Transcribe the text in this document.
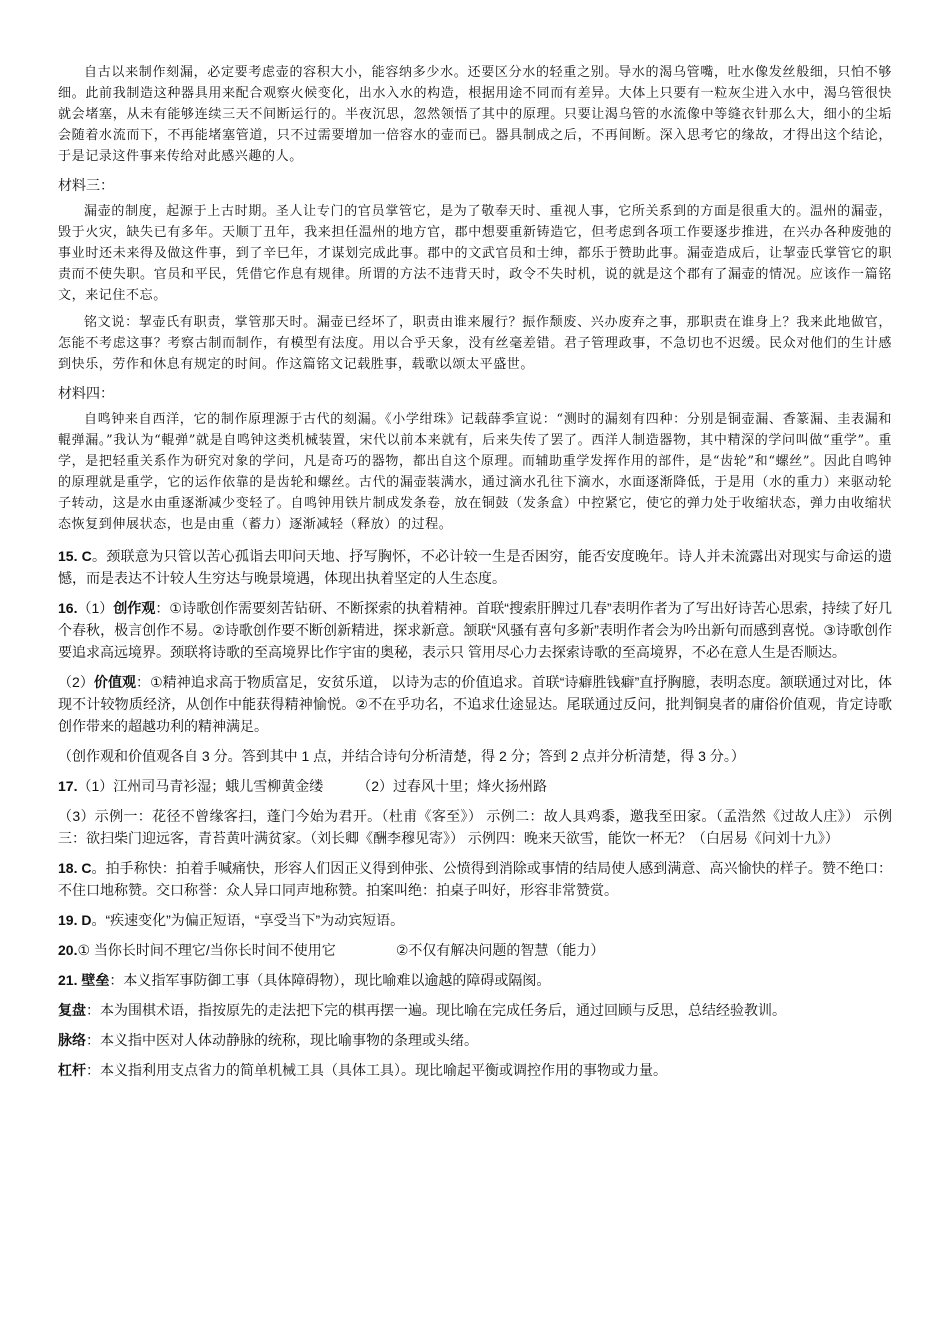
自古以来制作刻漏，必定要考虑壶的容积大小，能容纳多少水。还要区分水的轻重之别。导水的渴乌管嘴，吐水像发丝般细，只怕不够细。此前我制造这种器具用来配合观察火候变化，出水入水的构造，根据用途不同而有差异。大体上只要有一粒灰尘进入水中，渴乌管很快就会堵塞，从未有能够连续三天不间断运行的。半夜沉思，忽然领悟了其中的原理。只要让渴乌管的水流像中等缝衣针那么大，细小的尘垢会随着水流而下，不再能堵塞管道，只不过需要增加一倍容水的壶而已。器具制成之后，不再间断。深入思考它的缘故，才得出这个结论，于是记录这件事来传给对此感兴趣的人。

材料三：

漏壶的制度，起源于上古时期。圣人让专门的官员掌管它，是为了敬奉天时、重视人事，它所关系到的方面是很重大的。温州的漏壶，毁于火灾，缺失已有多年。天顺丁丑年，我来担任温州的地方官，郡中想要重新铸造它，但考虑到各项工作要逐步推进，在兴办各种废弛的事业时还未来得及做这件事，到了辛巳年，才谋划完成此事。郡中的文武官员和士绅，都乐于赞助此事。漏壶造成后，让挈壶氏掌管它的职责而不使失职。官员和平民，凭借它作息有规律。所谓的方法不违背天时，政令不失时机，说的就是这个郡有了漏壶的情况。应该作一篇铭文，来记住不忘。

铭文说：挈壶氏有职责，掌管那天时。漏壶已经坏了，职责由谁来履行？振作颓废、兴办废弃之事，那职责在谁身上？我来此地做官，怎能不考虑这事？考察古制而制作，有模型有法度。用以合乎天象，没有丝毫差错。君子管理政事，不急切也不迟缓。民众对他们的生计感到快乐，劳作和休息有规定的时间。作这篇铭文记载胜事，载歌以颂太平盛世。

材料四：

自鸣钟来自西洋，它的制作原理源于古代的刻漏。《小学绀珠》记载薛季宣说：“测时的漏刻有四种：分别是铜壶漏、香篆漏、圭表漏和輥弹漏。”我认为“輥弹”就是自鸣钟这类机械装置，宋代以前本来就有，后来失传了罢了。西洋人制造器物，其中精深的学问叫做“重学”。重学，是把轻重关系作为研究对象的学问，凡是奇巧的器物，都出自这个原理。而辅助重学发挥作用的部件，是“齿轮”和“螺丝”。因此自鸣钟的原理就是重学，它的运作依靠的是齿轮和螺丝。古代的漏壶装满水，通过滴水孔往下滴水，水面逐渐降低，于是用（水的重力）来驱动轮子转动，这是水由重逐渐减少变轻了。自鸣钟用铁片制成发条卷，放在铜鼓（发条盒）中控紧它，使它的弹力处于收缩状态，弹力由收缩状态恢复到伸展状态，也是由重（蓄力）逐渐减轻（释放）的过程。

15. C。颈联意为只管以苦心孤诣去叩问天地、抒写胸怀，不必计较一生是否困穷，能否安度晚年。诗人并未流露出对现实与命运的遗憾，而是表达不计较人生穷达与晚景境遇，体现出执着坚定的人生态度。

16.（1）创作观：①诗歌创作需要刻苦钻研、不断探索的执着精神。首联“搜索肝脾过几春”表明作者为了写出好诗苦心思索，持续了好几个春秋，极言创作不易。②诗歌创作要不断创新精进，探求新意。颔联“风骚有喜句多新”表明作者会为吟出新句而感到喜悦。③诗歌创作要追求高远境界。颈联将诗歌的至高境界比作宇宙的奥秘，表示只 管用尽心力去探索诗歌的至高境界，不必在意人生是否顺达。

（2）价值观：①精神追求高于物质富足，安贫乐道， 以诗为志的价值追求。首联“诗癖胜钱癖”直抒胸臆，表明态度。颔联通过对比，体现不计较物质经济，从创作中能获得精神愉悦。②不在乎功名，不追求仕途显达。尾联通过反问，批判铜臭者的庸俗价值观，肯定诗歌创作带来的超越功利的精神满足。

（创作观和价值观各自 3 分。答到其中 1 点，并结合诗句分析清楚，得 2 分；答到 2 点并分析清楚，得 3 分。）

17.（1）江州司马青衫湿；蛾儿雪柳黄金缕 （2）过春风十里；烽火扬州路

（3）示例一：花径不曾缘客扫，蓬门今始为君开。（杜甫《客至》） 示例二：故人具鸡黍，邀我至田家。（孟浩然《过故人庄》） 示例三：欲扫柴门迎远客，青苔黄叶满贫家。（刘长卿《酬李穆见寄》） 示例四：晚来天欲雪，能饮一杯无？（白居易《问刘十九》）

18. C。拍手称快：拍着手喊痛快，形容人们因正义得到伸张、公愤得到消除或事情的结局使人感到满意、高兴愉快的样子。赞不绝口：不住口地称赞。交口称誉：众人异口同声地称赞。拍案叫绝：拍桌子叫好，形容非常赞赏。

19. D。“疾速变化”为偏正短语，“享受当下”为动宾短语。

20.① 当你长时间不理它/当你长时间不使用它	②不仅有解决问题的智慧（能力）

21. 壁垒：本义指军事防御工事（具体障碍物），现比喻难以逾越的障碍或隔阂。

复盘：本为围棋术语，指按原先的走法把下完的棋再摆一遍。现比喻在完成任务后，通过回顾与反思，总结经验教训。

脉络：本义指中医对人体动静脉的统称，现比喻事物的条理或头绪。

杠杆：本义指利用支点省力的简单机械工具（具体工具）。现比喻起平衡或调控作用的事物或力量。
